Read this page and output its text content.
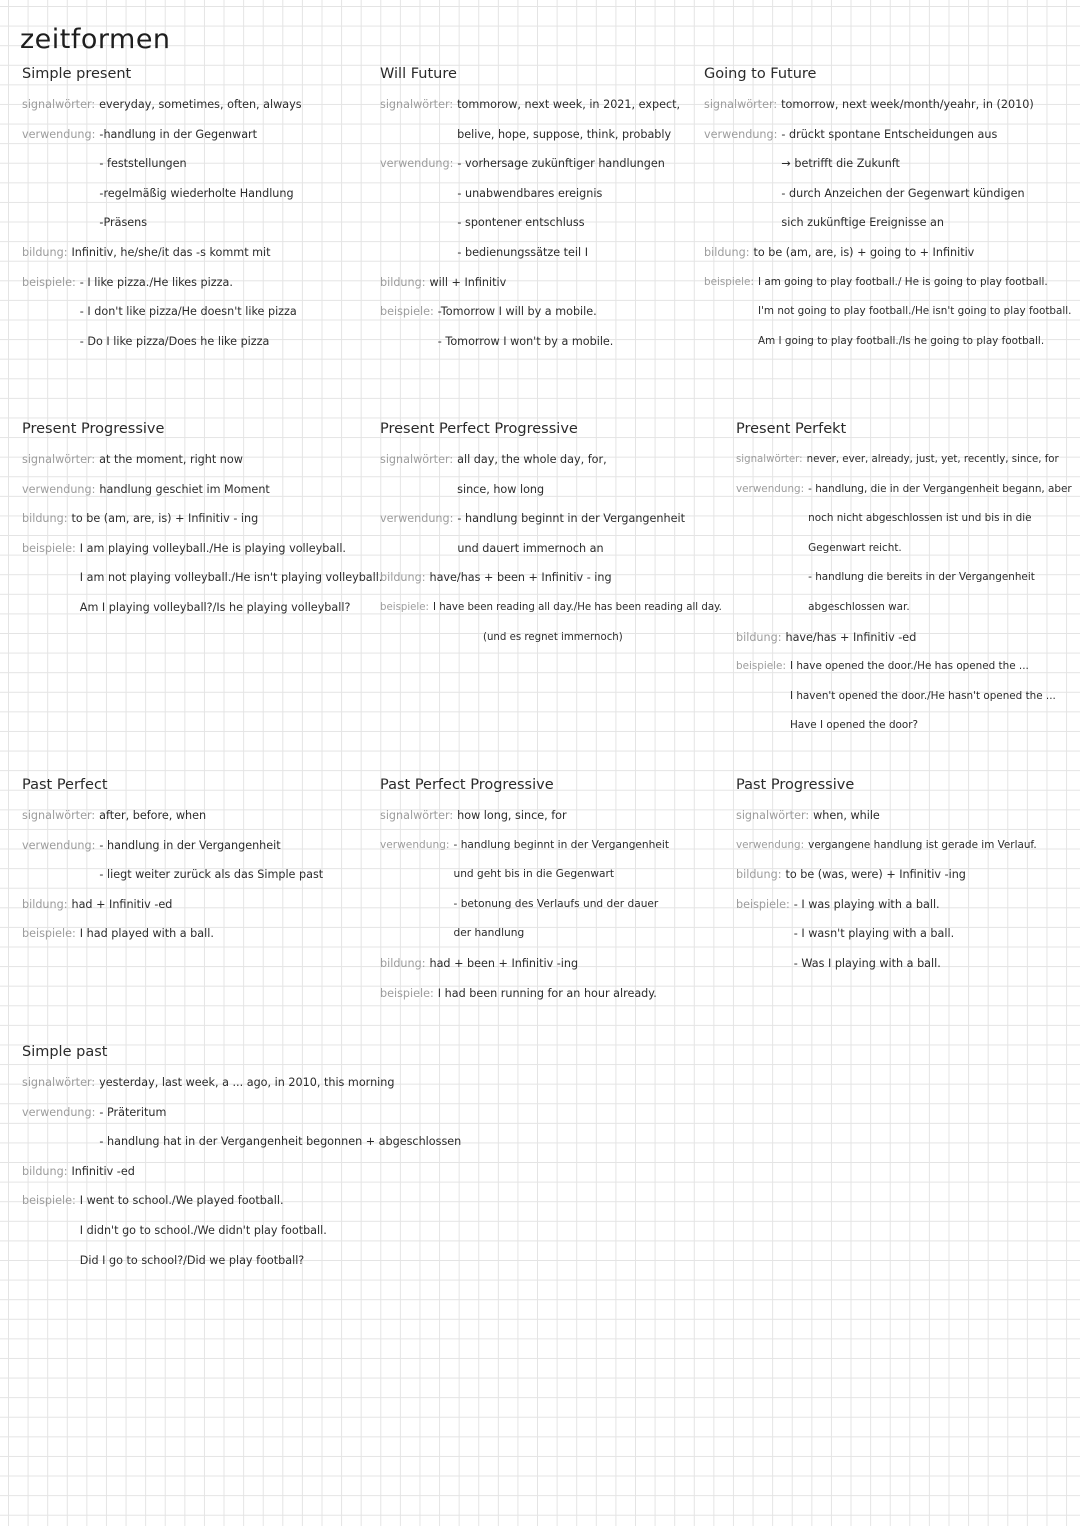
zeitformen
Simple present
signalwörter : everyday, sometimes, often, always
verwendung : -handlung in der Gegenwart
- feststellungen
-regelmäßig wiederholte Handlung
-Präsens
bildung : Infinitiv, he/she/it das -s kommt mit
beispiele : - I like pizza./He likes pizza.
- I don't like pizza/He doesn't like pizza
- Do I like pizza/Does he like pizza
Will Future
signalwörter : tommorow, next week, in 2021, expect,
belive, hope, suppose, think, probably
verwendung : - vorhersage zukünftiger handlungen
- unabwendbares ereignis
- spontener entschluss
- bedienungssätze teil I
bildung : will + Infinitiv
beispiele : -Tomorrow I will by a mobile.
- Tomorrow I won't by a mobile.
Going to Future
signalwörter : tomorrow, next week/month/yeahr, in (2010)
verwendung : - drückt spontane Entscheidungen aus
→ betrifft die Zukunft
- durch Anzeichen der Gegenwart kündigen
sich zukünftige Ereignisse an
bildung : to be (am, are, is) + going to + Infinitiv
beispiele : I am going to play football./ He is going to play football.
I'm not going to play football./He isn't going to play football.
Am I going to play football./Is he going to play football.
Present Progressive
signalwörter : at the moment, right now
verwendung : handlung geschiet im Moment
bildung : to be (am, are, is) + Infinitiv - ing
beispiele : I am playing volleyball./He is playing volleyball.
I am not playing volleyball./He isn't playing volleyball.
Am I playing volleyball?/Is he playing volleyball?
Present Perfect Progressive
signalwörter : all day, the whole day, for,
since, how long
verwendung : - handlung beginnt in der Vergangenheit
und dauert immernoch an
bildung : have/has + been + Infinitiv - ing
beispiele : I have been reading all day./He has been reading all day.
(und es regnet immernoch)
Present Perfekt
signalwörter : never, ever, already, just, yet, recently, since, for
verwendung : - handlung, die in der Vergangenheit begann, aber
noch nicht abgeschlossen ist und bis in die
Gegenwart reicht.
- handlung die bereits in der Vergangenheit
abgeschlossen war.
bildung : have/has + Infinitiv -ed
beispiele : I have opened the door./He has opened the ...
I haven't opened the door./He hasn't opened the ...
Have I opened the door?
Past Perfect
signalwörter : after, before, when
verwendung : - handlung in der Vergangenheit
- liegt weiter zurück als das Simple past
bildung : had + Infinitiv -ed
beispiele : I had played with a ball.
Past Perfect Progressive
signalwörter : how long, since, for
verwendung : - handlung beginnt in der Vergangenheit
und geht bis in die Gegenwart
- betonung des Verlaufs und der dauer
der handlung
bildung : had + been + Infinitiv -ing
beispiele : I had been running for an hour already.
Past Progressive
signalwörter : when, while
verwendung : vergangene handlung ist gerade im Verlauf.
bildung : to be (was, were) + Infinitiv -ing
beispiele : - I was playing with a ball.
- I wasn't playing with a ball.
- Was I playing with a ball.
Simple past
signalwörter : yesterday, last week, a ... ago, in 2010, this morning
verwendung : - Präteritum
- handlung hat in der Vergangenheit begonnen + abgeschlossen
bildung : Infinitiv -ed
beispiele : I went to school./We played football.
I didn't go to school./We didn't play football.
Did I go to school?/Did we play football?
